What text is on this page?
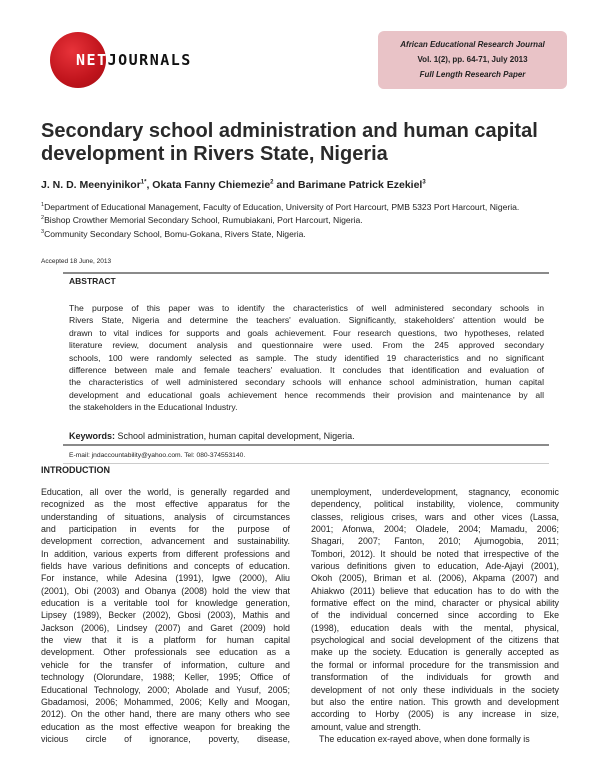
NETJOURNALS
African Educational Research Journal
Vol. 1(2), pp. 64-71, July 2013
Full Length Research Paper
Secondary school administration and human capital development in Rivers State, Nigeria
J. N. D. Meenyinikor$^{1*}$, Okata Fanny Chiemezie$^2$ and Barimane Patrick Ezekiel$^3$
$^1$Department of Educational Management, Faculty of Education, University of Port Harcourt, PMB 5323 Port Harcourt, Nigeria.
$^2$Bishop Crowther Memorial Secondary School, Rumubiakani, Port Harcourt, Nigeria.
$^3$Community Secondary School, Bomu-Gokana, Rivers State, Nigeria.
Accepted 18 June, 2013
ABSTRACT
The purpose of this paper was to identify the characteristics of well administered secondary schools in
Rivers State, Nigeria and determine the teachers' evaluation. Significantly, stakeholders' attention would be
drawn to vital indices for supports and goals achievement. Four research questions, two hypotheses, related
literature review, document analysis and questionnaire were used. From the 245 approved secondary
schools, 100 were randomly selected as sample. The study identified 19 characteristics and no significant
difference between male and female teachers' evaluation. It concludes that identification and evaluation of
the characteristics of well administered secondary schools will enhance school administration, human capital
development and educational goals achievement hence recommends their provision and maintenance by all
the stakeholders in the Educational Industry.
Keywords: School administration, human capital development, Nigeria.
E-mail: jndaccountability@yahoo.com. Tel: 080-374553140.
INTRODUCTION
Education, all over the world, is generally regarded and
recognized as the most effective apparatus for the
understanding of situations, analysis of circumstances
and participation in events for the purpose of
development correction, advancement and sustainability.
In addition, various experts from different professions and
fields have various definitions and concepts of education.
For instance, while Adesina (1991), Igwe (2000), Aliu
(2001), Obi (2003) and Obanya (2008) hold the view that
education is a veritable tool for knowledge generation,
Lipsey (1989), Becker (2002), Gbosi (2003), Mathis and
Jackson (2006), Lindsey (2007) and Garet (2009) hold
the view that it is a platform for human capital
development. Other professionals see education as a
vehicle for the transfer of information, culture and
technology (Olorundare, 1988; Keller, 1995; Office of
Educational Technology, 2000; Abolade and Yusuf, 2005;
Gbadamosi, 2006; Mohammed, 2006; Kelly and Moogan,
2012). On the other hand, there are many others who see
education as the most effective weapon for breaking the
vicious circle of ignorance, poverty, disease,
unemployment, underdevelopment, stagnancy, economic
dependency, political instability, violence, community
classes, religious crises, wars and other vices (Lassa,
2001; Afonwa, 2004; Oladele, 2004; Mamadu, 2006;
Shagari, 2007; Fanton, 2010; Ajumogobia, 2011;
Tombori, 2012). It should be noted that irrespective of the
various definitions given to education, Ade-Ajayi (2001),
Okoh (2005), Briman et al. (2006), Akpama (2007) and
Ahiakwo (2011) believe that education has to do with the
formative effect on the mind, character or physical ability
of the individual concerned since according to Eke
(1998), education deals with the mental, physical,
psychological and social development of the citizens that
make up the society. Education is generally accepted as
the formal or informal procedure for the transmission and
transformation of the individuals for growth and
development of not only these individuals in the society
but also the entire nation. This growth and development
according to Horby (2005) is any increase in size,
amount, value and strength.
The education ex-rayed above, when done formally is
